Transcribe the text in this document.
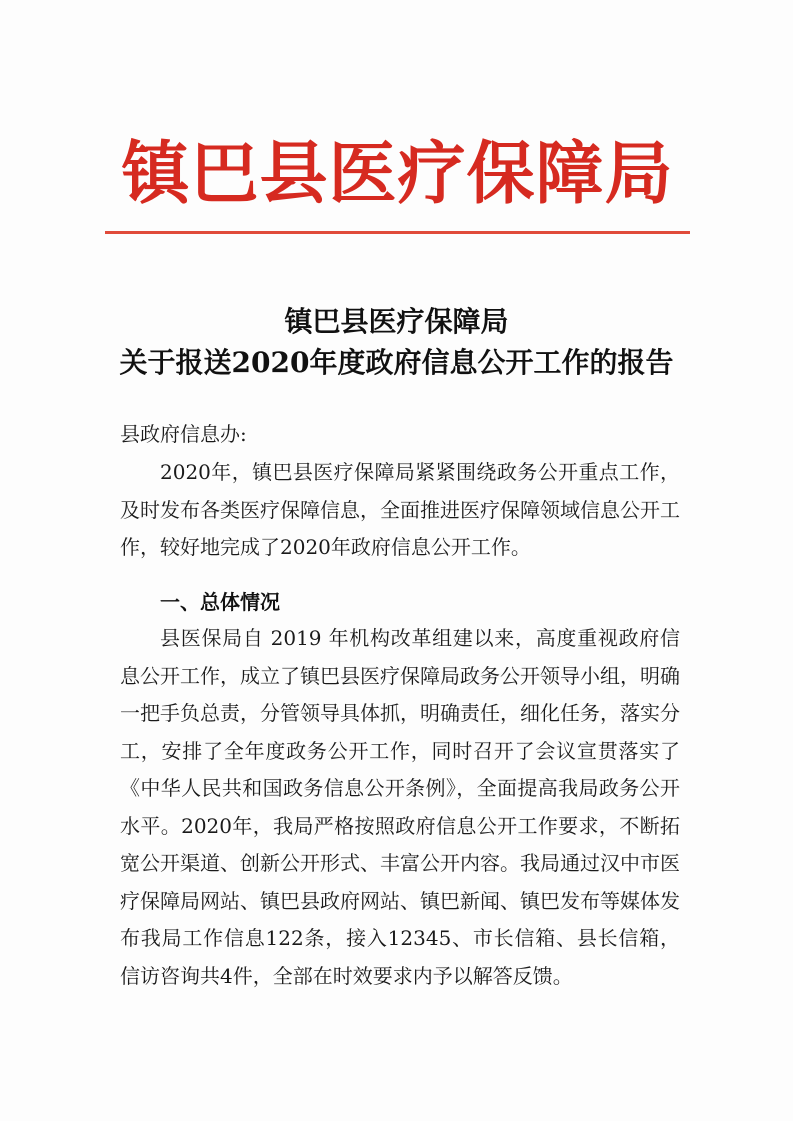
镇巴县医疗保障局
镇巴县医疗保障局
关于报送2020年度政府信息公开工作的报告
县政府信息办:
2020年，镇巴县医疗保障局紧紧围绕政务公开重点工作，及时发布各类医疗保障信息，全面推进医疗保障领域信息公开工作，较好地完成了2020年政府信息公开工作。
一、总体情况
县医保局自 2019 年机构改革组建以来，高度重视政府信息公开工作，成立了镇巴县医疗保障局政务公开领导小组，明确一把手负总责，分管领导具体抓，明确责任，细化任务，落实分工，安排了全年度政务公开工作，同时召开了会议宣贯落实了《中华人民共和国政务信息公开条例》，全面提高我局政务公开水平。2020年，我局严格按照政府信息公开工作要求，不断拓宽公开渠道、创新公开形式、丰富公开内容。我局通过汉中市医疗保障局网站、镇巴县政府网站、镇巴新闻、镇巴发布等媒体发布我局工作信息122条，接入12345、市长信箱、县长信箱，信访咨询共4件，全部在时效要求内予以解答反馈。
